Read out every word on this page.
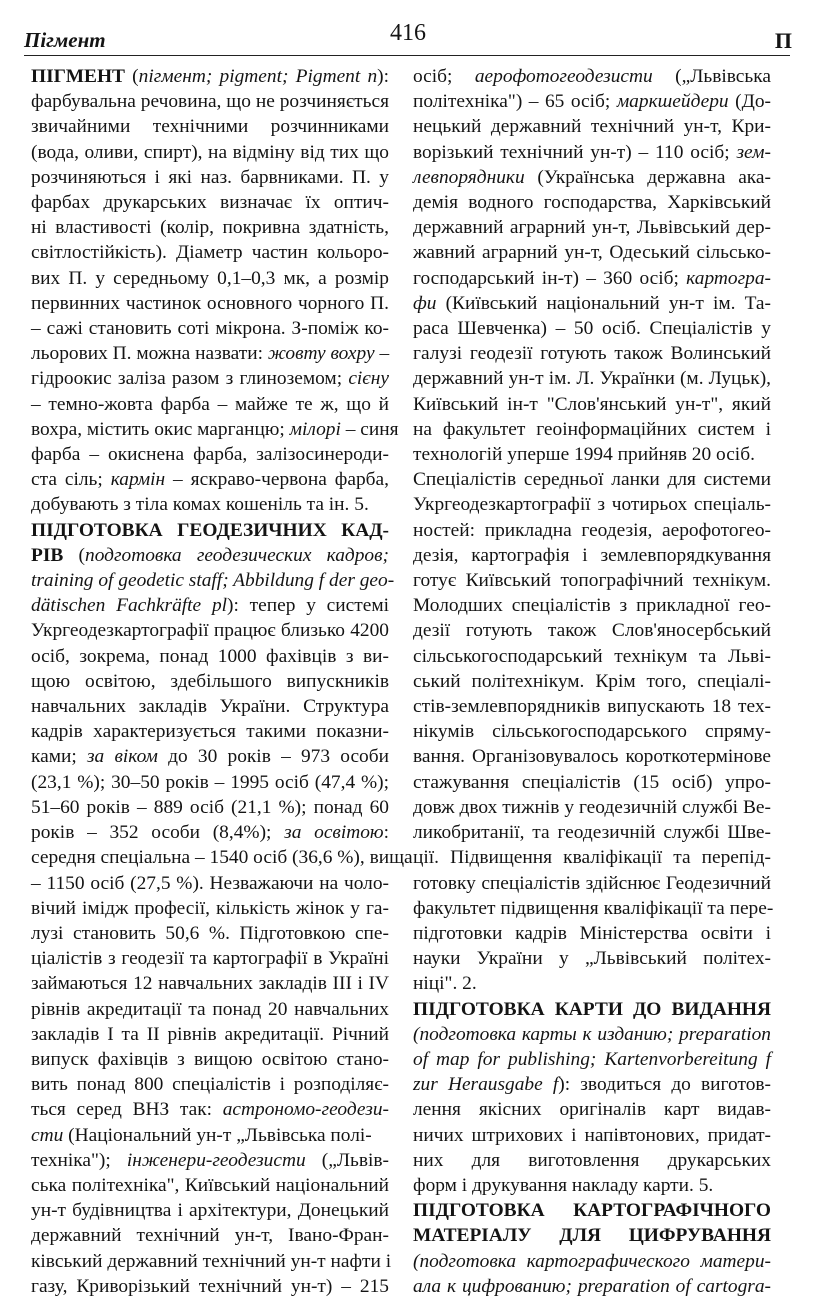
Пігмент	416	П

ПІГМЕНТ (пігмент; pigment; Pigment n):

фарбувальна речовина, що не розчиняється

звичайними технічними розчинниками

(вода, оливи, спирт), на відміну від тих що

розчиняються і які наз. барвниками. П. у

фарбах друкарських визначає їх оптич-

ні властивості (колір, покривна здатність,

світлостійкість). Діаметр частин кольоро-

вих П. у середньому 0,1–0,3 мк, а розмір

первинних частинок основного чорного П.

– сажі становить соті мікрона. З-поміж ко-

льорових П. можна назвати: жовту вохру –

гідроокис заліза разом з глиноземом; сієну

– темно-жовта фарба – майже те ж, що й

вохра, містить окис марганцю; мілорі – синя

фарба – окиснена фарба, залізосинероди-

ста сіль; кармін – яскраво-червона фарба,

добувають з тіла комах кошеніль та ін. 5.

ПІДГОТОВКА ГЕОДЕЗИЧНИХ КАД-

РІВ (подготовка геодезических кадров;

training of geodetic staff; Abbildung f der geo-

dätischen Fachkräfte pl): тепер у системі

Укргеодезкартографії працює близько 4200

осіб, зокрема, понад 1000 фахівців з ви-

щою освітою, здебільшого випускників

навчальних закладів України. Структура

кадрів характеризується такими показни-

ками; за віком до 30 років – 973 особи

(23,1 %); 30–50 років – 1995 осіб (47,4 %);

51–60 років – 889 осіб (21,1 %); понад 60

років – 352 особи (8,4%); за освітою:

середня спеціальна – 1540 осіб (36,6 %), вища

– 1150 осіб (27,5 %). Незважаючи на чоло-

вічий імідж професії, кількість жінок у га-

лузі становить 50,6 %. Підготовкою спе-

ціалістів з геодезії та картографії в Україні

займаються 12 навчальних закладів ІІІ і IV

рівнів акредитації та понад 20 навчальних

закладів І та ІІ рівнів акредитації. Річний

випуск фахівців з вищою освітою стано-

вить понад 800 спеціалістів і розподіляє-

ться серед ВНЗ так: астрономо-геодези-

сти (Національний ун-т „Львівська полі-

техніка"); інженери-геодезисти („Львів-

ська політехніка", Київський національний

ун-т будівництва і архітектури, Донецький

державний технічний ун-т, Івано-Фран-

ківський державний технічний ун-т нафти і

газу, Криворізький технічний ун-т) – 215

осіб; аерофотогеодезисти („Львівська

політехніка") – 65 осіб; маркшейдери (До-

нецький державний технічний ун-т, Кри-

ворізький технічний ун-т) – 110 осіб; зем-

левпорядники (Українська державна ака-

демія водного господарства, Харківський

державний аграрний ун-т, Львівський дер-

жавний аграрний ун-т, Одеський сільсько-

господарський ін-т) – 360 осіб; картогра-

фи (Київський національний ун-т ім. Та-

раса Шевченка) – 50 осіб. Спеціалістів у

галузі геодезії готують також Волинський

державний ун-т ім. Л. Українки (м. Луцьк),

Київський ін-т "Слов'янський ун-т", який

на факультет геоінформаційних систем і

технологій уперше 1994 прийняв 20 осіб.

Спеціалістів середньої ланки для системи

Укргеодезкартографії з чотирьох спеціаль-

ностей: прикладна геодезія, аерофотогео-

дезія, картографія і землевпорядкування

готує Київський топографічний технікум.

Молодших спеціалістів з прикладної гео-

дезії готують також Слов'яносербський

сільськогосподарський технікум та Льві-

ський політехнікум. Крім того, спеціалі-

стів-землевпорядників випускають 18 тех-

нікумів сільськогосподарського спряму-

вання. Організовувалось короткотермінове

стажування спеціалістів (15 осіб) упро-

довж двох тижнів у геодезичній службі Ве-

ликобританії, та геодезичній службі Шве-

ції. Підвищення кваліфікації та перепід-

готовку спеціалістів здійснює Геодезичний

факультет підвищення кваліфікації та пере-

підготовки кадрів Міністерства освіти і

науки України у „Львівський політех-

ніці". 2.

ПІДГОТОВКА КАРТИ ДО ВИДАННЯ

(подготовка карты к изданию; preparation

of map for publishing; Kartenvorbereitung f

zur Herausgabe f): зводиться до виготов-

лення якісних оригіналів карт видав-

ничих штрихових і напівтонових, придат-

них для виготовлення друкарських

форм і друкування накладу карти. 5.

ПІДГОТОВКА КАРТОГРАФІЧНОГО

МАТЕРІАЛУ ДЛЯ ЦИФРУВАННЯ

(подготовка картографического матери-

ала к цифрованию; preparation of cartogra-
